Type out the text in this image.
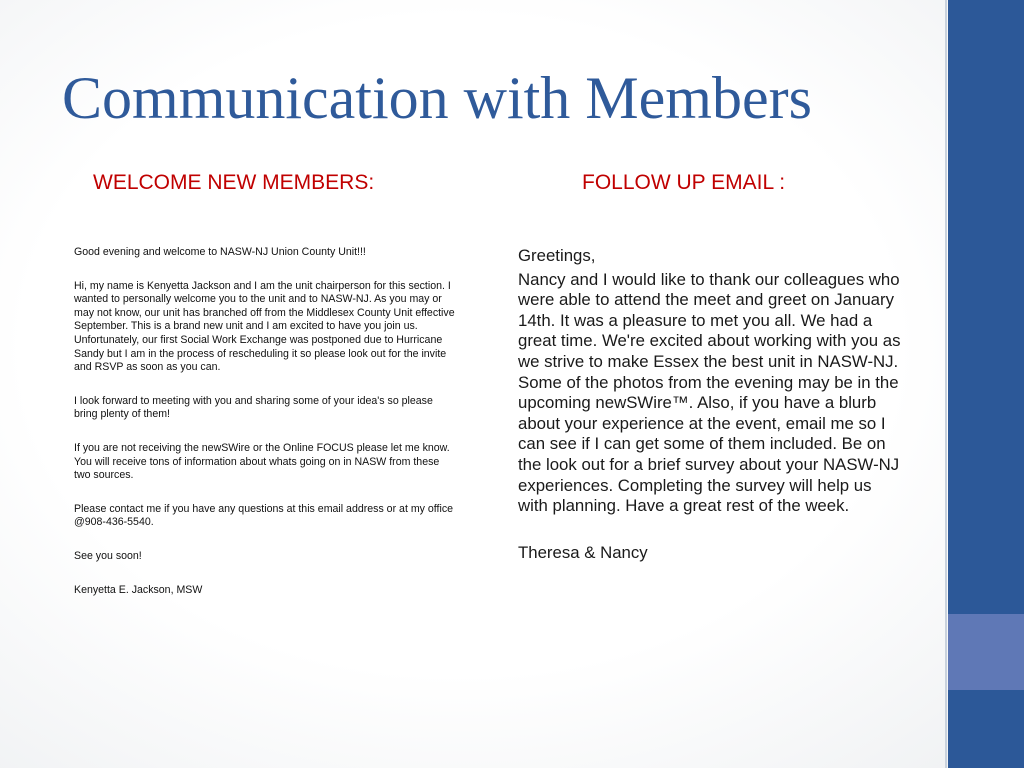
Communication with Members
WELCOME NEW MEMBERS:	FOLLOW UP EMAIL :

Good evening and welcome to NASW-NJ Union County Unit!!!

Hi, my name is Kenyetta Jackson and I am the unit chairperson for this section. I wanted to personally welcome you to the unit and to NASW-NJ. As you may or may not know, our unit has branched off from the Middlesex County Unit effective September. This is a brand new unit and I am excited to have you join us. Unfortunately, our first Social Work Exchange was postponed due to Hurricane Sandy but I am in the process of rescheduling it so please look out for the invite and RSVP as soon as you can.

I look forward to meeting with you and sharing some of your idea's so please bring plenty of them!

If you are not receiving the newSWire or the Online FOCUS please let me know. You will receive tons of information about whats going on in NASW from these two sources.

Please contact me if you have any questions at this email address or at my office @908-436-5540.

See you soon!

Kenyetta E. Jackson, MSW

Greetings,

Nancy and I would like to thank our colleagues who were able to attend the meet and greet on January 14th. It was a pleasure to met you all. We had a great time. We're excited about working with you as we strive to make Essex the best unit in NASW-NJ. Some of the photos from the evening may be in the upcoming newSWire™. Also, if you have a blurb about your experience at the event, email me so I can see if I can get some of them included. Be on the look out for a brief survey about your NASW-NJ experiences. Completing the survey will help us with planning. Have a great rest of the week.

Theresa & Nancy
